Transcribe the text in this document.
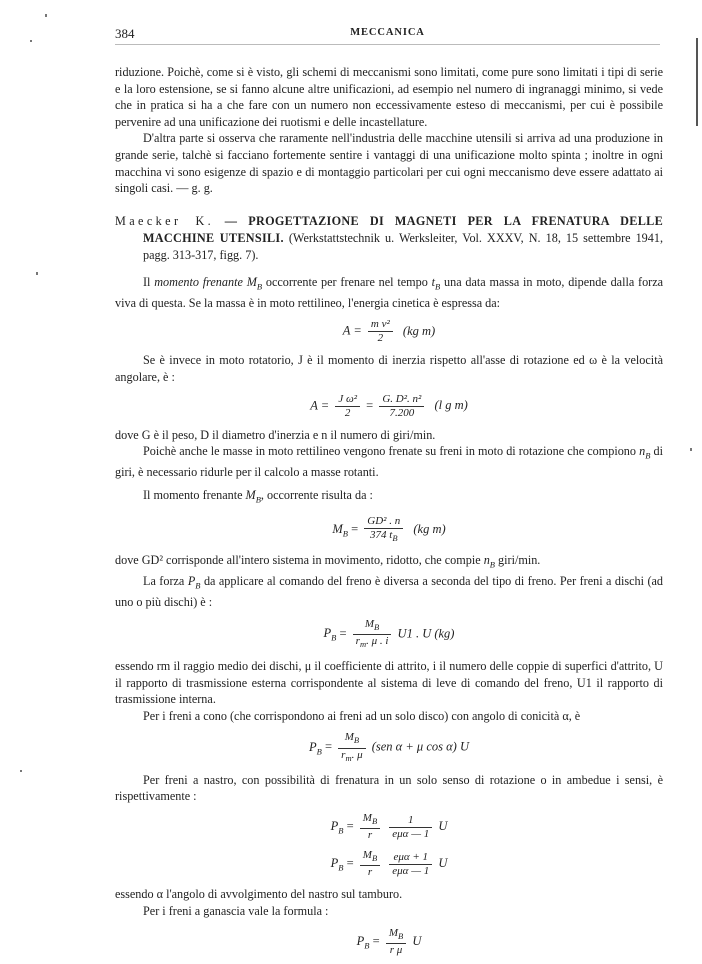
384	MECCANICA

riduzione. Poichè, come si è visto, gli schemi di meccanismi sono limitati, come pure sono limitati i tipi di serie e la loro estensione, se si fanno alcune altre unificazioni, ad esempio nel numero di ingranaggi minimo, si vede che in pratica si ha a che fare con un numero non eccessivamente esteso di meccanismi, per cui è possibile pervenire ad una unificazione dei ruotismi e delle incastellature.

D'altra parte si osserva che raramente nell'industria delle macchine utensili si arriva ad una produzione in grande serie, talchè si facciano fortemente sentire i vantaggi di una unificazione molto spinta ; inoltre in ogni macchina vi sono esigenze di spazio e di montaggio particolari per cui ogni meccanismo deve essere adattato ai singoli casi. — g. g.

Maecker K. — PROGETTAZIONE DI MAGNETI PER LA FRENATURA DELLE MACCHINE UTENSILI. (Werkstattstechnik u. Werksleiter, Vol. XXXV, N. 18, 15 settembre 1941, pagg. 313-317, figg. 7).

Il momento frenante $M_B$ occorrente per frenare nel tempo $t_B$ una data massa in moto, dipende dalla forza viva di questa. Se la massa è in moto rettilineo, l'energia cinetica è espressa da:

$A = \frac{\text{m v²}}{2} (kg$ m)

Se è invece in moto rotatorio, J è il momento di inerzia rispetto all'asse di rotazione ed ω è la velocità angolare, è :

$A = \frac{\text{J ω²}}{2} = \frac{\text{G. D². n²}}{7.200} (l$ g m)

dove G è il peso, D il diametro d'inerzia e n il numero di giri/min.

Poichè anche le masse in moto rettilineo vengono frenate su freni in moto di rotazione che compiono $n_B$ di giri, è necessario ridurle per il calcolo a masse rotanti.

Il momento frenante $M_B$, occorrente risulta da :

$M_B = \frac{\text{GD² . n}}{374 t_B} (kg$ m)

dove GD² corrisponde all'intero sistema in movimento, ridotto, che compie $n_B$ giri/min.

La forza $P_B$ da applicare al comando del freno è diversa a seconda del tipo di freno. Per freni a dischi (ad uno o più dischi) è :

$P_B = \frac{M_B}{r_m. \mu . i} U1$ . U (kg)

essendo rm il raggio medio dei dischi, μ il coefficiente di attrito, i il numero delle coppie di superfici d'attrito, U il rapporto di trasmissione esterna corrispondente al sistema di leve di comando del freno, U1 il rapporto di trasmissione interna.

Per i freni a cono (che corrispondono ai freni ad un solo disco) con angolo di conicità α, è

$P_B = \frac{M_B}{r_m. \mu} (sen$ α + μ cos α) U

Per freni a nastro, con possibilità di frenatura in un solo senso di rotazione o in ambedue i sensi, è rispettivamente :

$P_B = \frac{M_B}{r}$
$\frac{1}{\text{eμα — 1}}$ U
$P_B = \frac{M_B}{r}$
$\frac{\text{eμα + 1}}{\text{eμα — 1}}$ U

essendo α l'angolo di avvolgimento del nastro sul tamburo.

Per i freni a ganascia vale la formula :

$P_B = \frac{M_B}{\text{r μ}}$ U
